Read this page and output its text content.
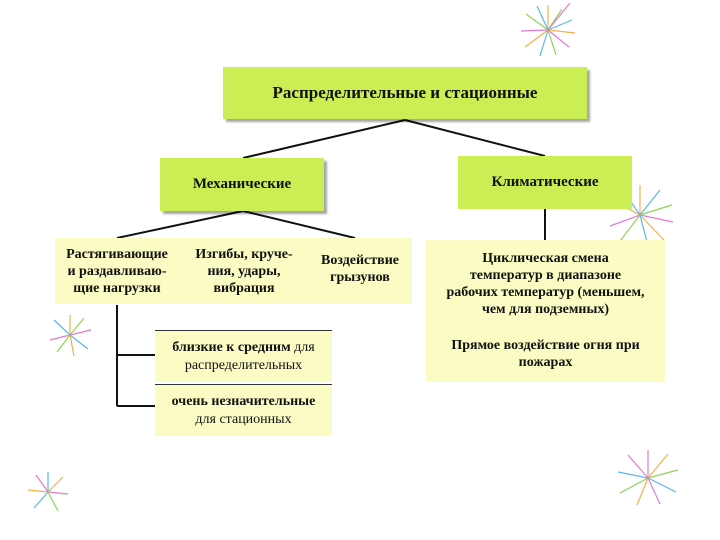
Распределительные и стационные
Механические	Климатические
Растягивающие
и раздавливаю-
щие нагрузки
Изгибы, круче-
ния, удары,
вибрация
Воздействие
грызунов
Циклическая смена
температур в диапазоне
рабочих температур (меньшем,
чем для подземных)
Прямое воздействие огня при
пожарах
близкие к средним для
распределительных
очень незначительные
для стационных
